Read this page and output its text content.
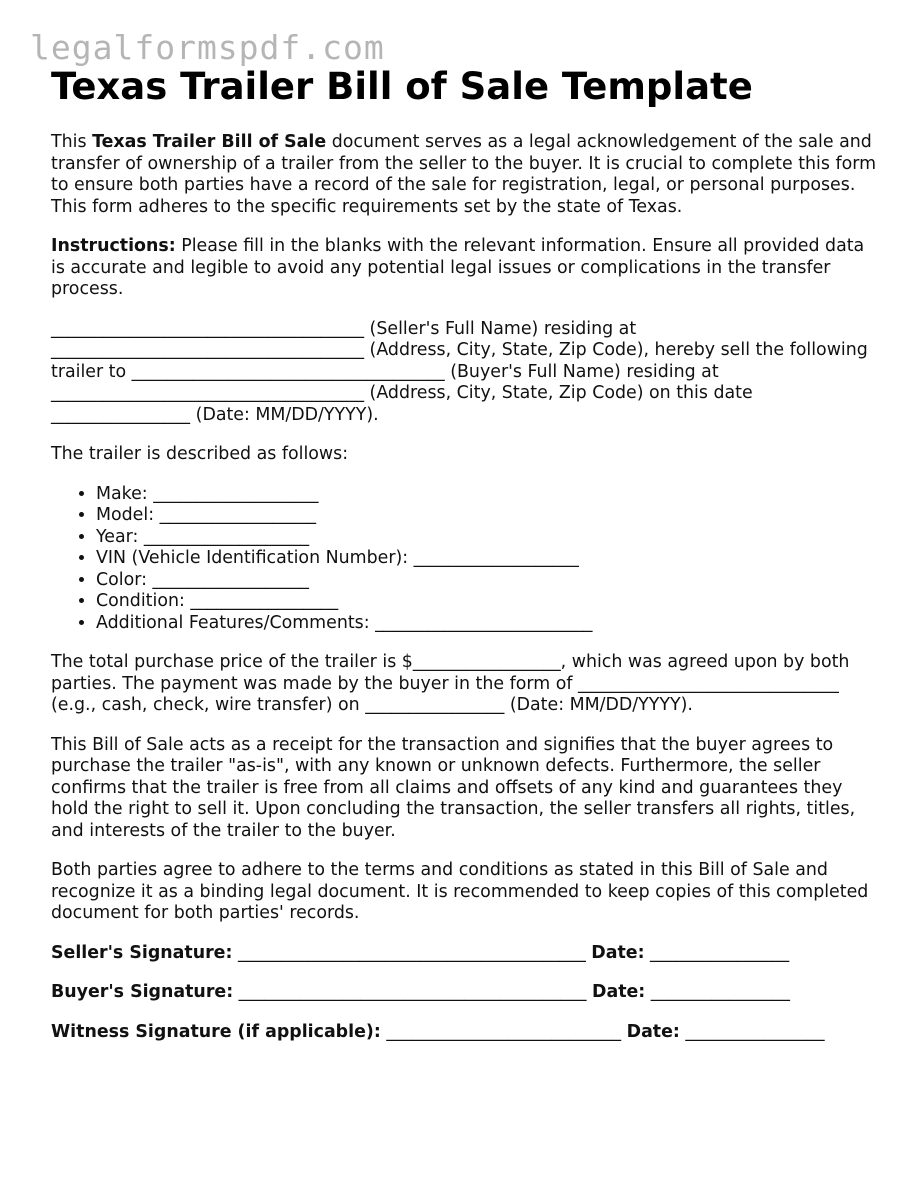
legalformspdf.com
Texas Trailer Bill of Sale Template

This Texas Trailer Bill of Sale document serves as a legal acknowledgement of the sale and transfer of ownership of a trailer from the seller to the buyer. It is crucial to complete this form to ensure both parties have a record of the sale for registration, legal, or personal purposes. This form adheres to the specific requirements set by the state of Texas.

Instructions: Please fill in the blanks with the relevant information. Ensure all provided data is accurate and legible to avoid any potential legal issues or complications in the transfer process.

____________________________________ (Seller's Full Name) residing at ____________________________________ (Address, City, State, Zip Code), hereby sell the following trailer to ____________________________________ (Buyer's Full Name) residing at ____________________________________ (Address, City, State, Zip Code) on this date ________________ (Date: MM/DD/YYYY).

The trailer is described as follows:

• Make: ___________________
• Model: __________________
• Year: ___________________
• VIN (Vehicle Identification Number): ___________________
• Color: __________________
• Condition: _________________
• Additional Features/Comments: _________________________

The total purchase price of the trailer is $_________________, which was agreed upon by both parties. The payment was made by the buyer in the form of ______________________________ (e.g., cash, check, wire transfer) on ________________ (Date: MM/DD/YYYY).

This Bill of Sale acts as a receipt for the transaction and signifies that the buyer agrees to purchase the trailer "as-is", with any known or unknown defects. Furthermore, the seller confirms that the trailer is free from all claims and offsets of any kind and guarantees they hold the right to sell it. Upon concluding the transaction, the seller transfers all rights, titles, and interests of the trailer to the buyer.

Both parties agree to adhere to the terms and conditions as stated in this Bill of Sale and recognize it as a binding legal document. It is recommended to keep copies of this completed document for both parties' records.

Seller's Signature: ________________________________________ Date: ________________

Buyer's Signature: ________________________________________ Date: ________________

Witness Signature (if applicable): ___________________________ Date: ________________
